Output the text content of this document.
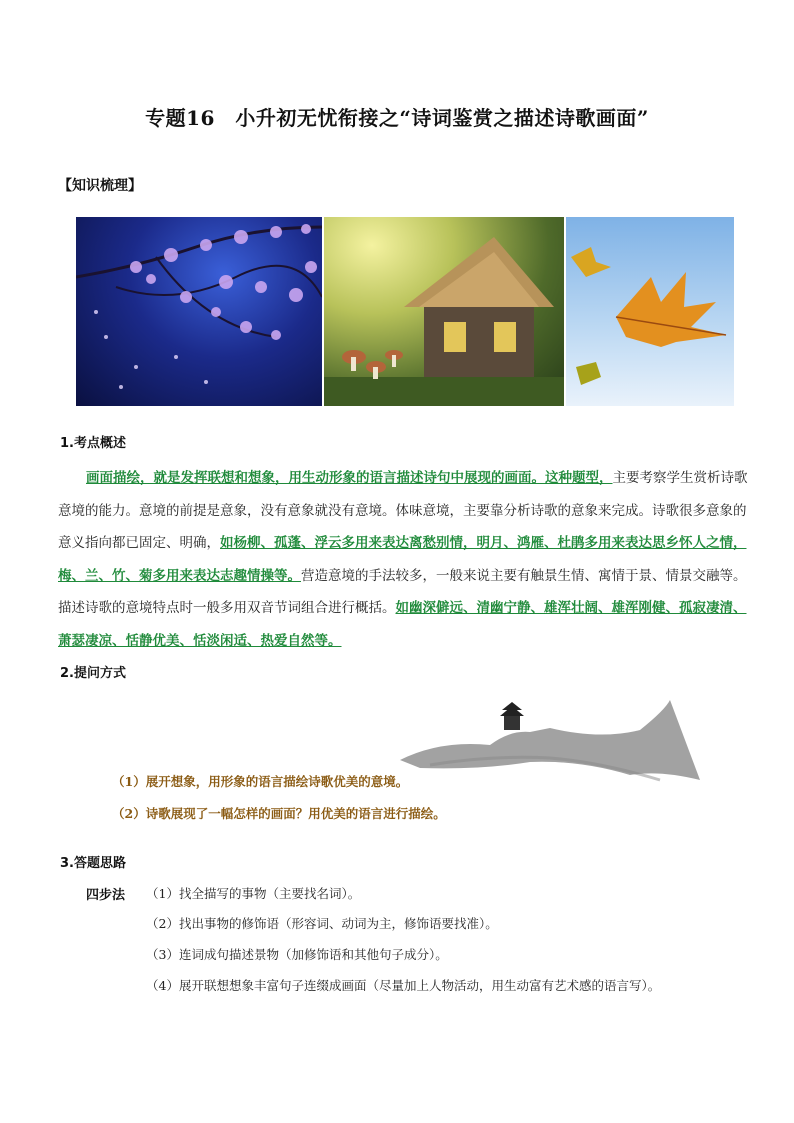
专题16　小升初无忧衔接之“诗词鉴赏之描述诗歌画面”
【知识梳理】
1.考点概述
画面描绘，就是发挥联想和想象，用生动形象的语言描述诗句中展现的画面。这种题型，主要考察学生赏析诗歌意境的能力。意境的前提是意象，没有意象就没有意境。体味意境，主要靠分析诗歌的意象来完成。诗歌很多意象的意义指向都已固定、明确，如杨柳、孤蓬、浮云多用来表达离愁别情，明月、鸿雁、杜鹃多用来表达思乡怀人之情，梅、兰、竹、菊多用来表达志趣情操等。营造意境的手法较多，一般来说主要有触景生情、寓情于景、情景交融等。描述诗歌的意境特点时一般多用双音节词组合进行概括。如幽深僻远、清幽宁静、雄浑壮阔、雄浑刚健、孤寂凄清、萧瑟凄凉、恬静优美、恬淡闲适、热爱自然等。
2.提问方式
（1）展开想象，用形象的语言描绘诗歌优美的意境。
（2）诗歌展现了一幅怎样的画面？用优美的语言进行描绘。
3.答题思路
四步法 （1）找全描写的事物（主要找名词）。
（2）找出事物的修饰语（形容词、动词为主，修饰语要找准）。
（3）连词成句描述景物（加修饰语和其他句子成分）。
（4）展开联想想象丰富句子连缀成画面（尽量加上人物活动，用生动富有艺术感的语言写）。
